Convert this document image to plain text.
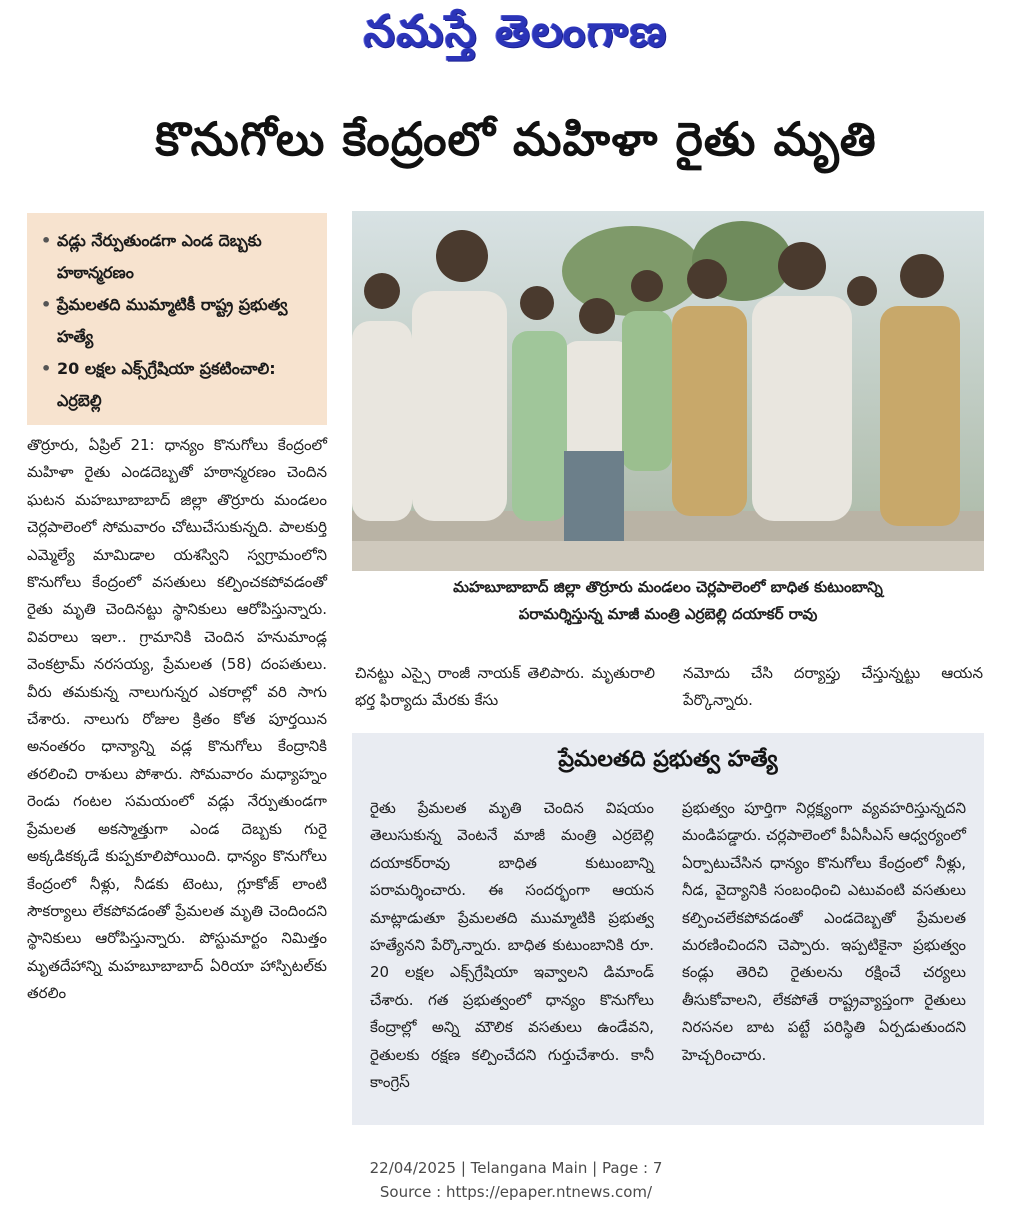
నమస్తే తెలంగాణ
కొనుగోలు కేంద్రంలో మహిళా రైతు మృతి
• వడ్లు నేర్పుతుండగా ఎండ దెబ్బకు హఠాన్మరణం
• ప్రేమలతది ముమ్మాటికీ రాష్ట్ర ప్రభుత్వ హత్యే
• 20 లక్షల ఎక్స్‌గ్రేషియా ప్రకటించాలి: ఎర్రబెల్లి
మహబూబాబాద్ జిల్లా తొర్రూరు మండలం చెర్లపాలెంలో బాధిత కుటుంబాన్ని
పరామర్శిస్తున్న మాజీ మంత్రి ఎర్రబెల్లి దయాకర్ రావు
తొర్రూరు, ఏప్రిల్ 21: ధాన్యం కొనుగోలు కేంద్రంలో మహిళా రైతు ఎండదెబ్బతో హఠాన్మరణం చెందిన ఘటన మహబూబాబాద్ జిల్లా తొర్రూరు మండలం చెర్లపాలెంలో సోమవారం చోటుచేసుకున్నది. పాలకుర్తి ఎమ్మెల్యే మామిడాల యశస్విని స్వగ్రామంలోని కొనుగోలు కేంద్రంలో వసతులు కల్పించకపోవడంతో రైతు మృతి చెందినట్టు స్థానికులు ఆరోపిస్తున్నారు. వివరాలు ఇలా.. గ్రామానికి చెందిన హనుమాండ్ల వెంకట్రామ్ నరసయ్య, ప్రేమలత (58) దంపతులు. వీరు తమకున్న నాలుగున్నర ఎకరాల్లో వరి సాగు చేశారు. నాలుగు రోజుల క్రితం కోత పూర్తయిన అనంతరం ధాన్యాన్ని వడ్ల కొనుగోలు కేంద్రానికి తరలించి రాశులు పోశారు. సోమవారం మధ్యాహ్నం రెండు గంటల సమయంలో వడ్లు నేర్పుతుండగా ప్రేమలత అకస్మాత్తుగా ఎండ దెబ్బకు గురై అక్కడికక్కడే కుప్పకూలిపోయింది. ధాన్యం కొనుగోలు కేంద్రంలో నీళ్లు, నీడకు టెంటు, గ్లూకోజ్ లాంటి సౌకర్యాలు లేకపోవడంతో ప్రేమలత మృతి చెందిందని స్థానికులు ఆరోపిస్తున్నారు. పోస్టుమార్టం నిమిత్తం మృతదేహాన్ని మహబూబాబాద్ ఏరియా హాస్పిటల్‌కు తరలిం
చినట్టు ఎస్సై రాంజీ నాయక్ తెలిపారు. మృతురాలి భర్త ఫిర్యాదు మేరకు కేసు
నమోదు చేసి దర్యాప్తు చేస్తున్నట్టు ఆయన పేర్కొన్నారు.
ప్రేమలతది ప్రభుత్వ హత్యే
రైతు ప్రేమలత మృతి చెందిన విషయం తెలుసుకున్న వెంటనే మాజీ మంత్రి ఎర్రబెల్లి దయాకర్‌రావు బాధిత కుటుంబాన్ని పరామర్శించారు. ఈ సందర్భంగా ఆయన మాట్లాడుతూ ప్రేమలతది ముమ్మాటికి ప్రభుత్వ హత్యేనని పేర్కొన్నారు. బాధిత కుటుంబానికి రూ. 20 లక్షల ఎక్స్‌గ్రేషియా ఇవ్వాలని డిమాండ్ చేశారు. గత ప్రభుత్వంలో ధాన్యం కొనుగోలు కేంద్రాల్లో అన్ని మౌలిక వసతులు ఉండేవని, రైతులకు రక్షణ కల్పించేదని గుర్తుచేశారు. కానీ కాంగ్రెస్
ప్రభుత్వం పూర్తిగా నిర్లక్ష్యంగా వ్యవహరిస్తున్నదని మండిపడ్డారు. చర్లపాలెంలో పీఏసీఎస్ ఆధ్వర్యంలో ఏర్పాటుచేసిన ధాన్యం కొనుగోలు కేంద్రంలో నీళ్లు, నీడ, వైద్యానికి సంబంధించి ఎటువంటి వసతులు కల్పించలేకపోవడంతో ఎండదెబ్బతో ప్రేమలత మరణించిందని చెప్పారు. ఇప్పటికైనా ప్రభుత్వం కండ్లు తెరిచి రైతులను రక్షించే చర్యలు తీసుకోవాలని, లేకపోతే రాష్ట్రవ్యాప్తంగా రైతులు నిరసనల బాట పట్టే పరిస్థితి ఏర్పడుతుందని హెచ్చరించారు.
22/04/2025 | Telangana Main | Page : 7
Source : https://epaper.ntnews.com/
